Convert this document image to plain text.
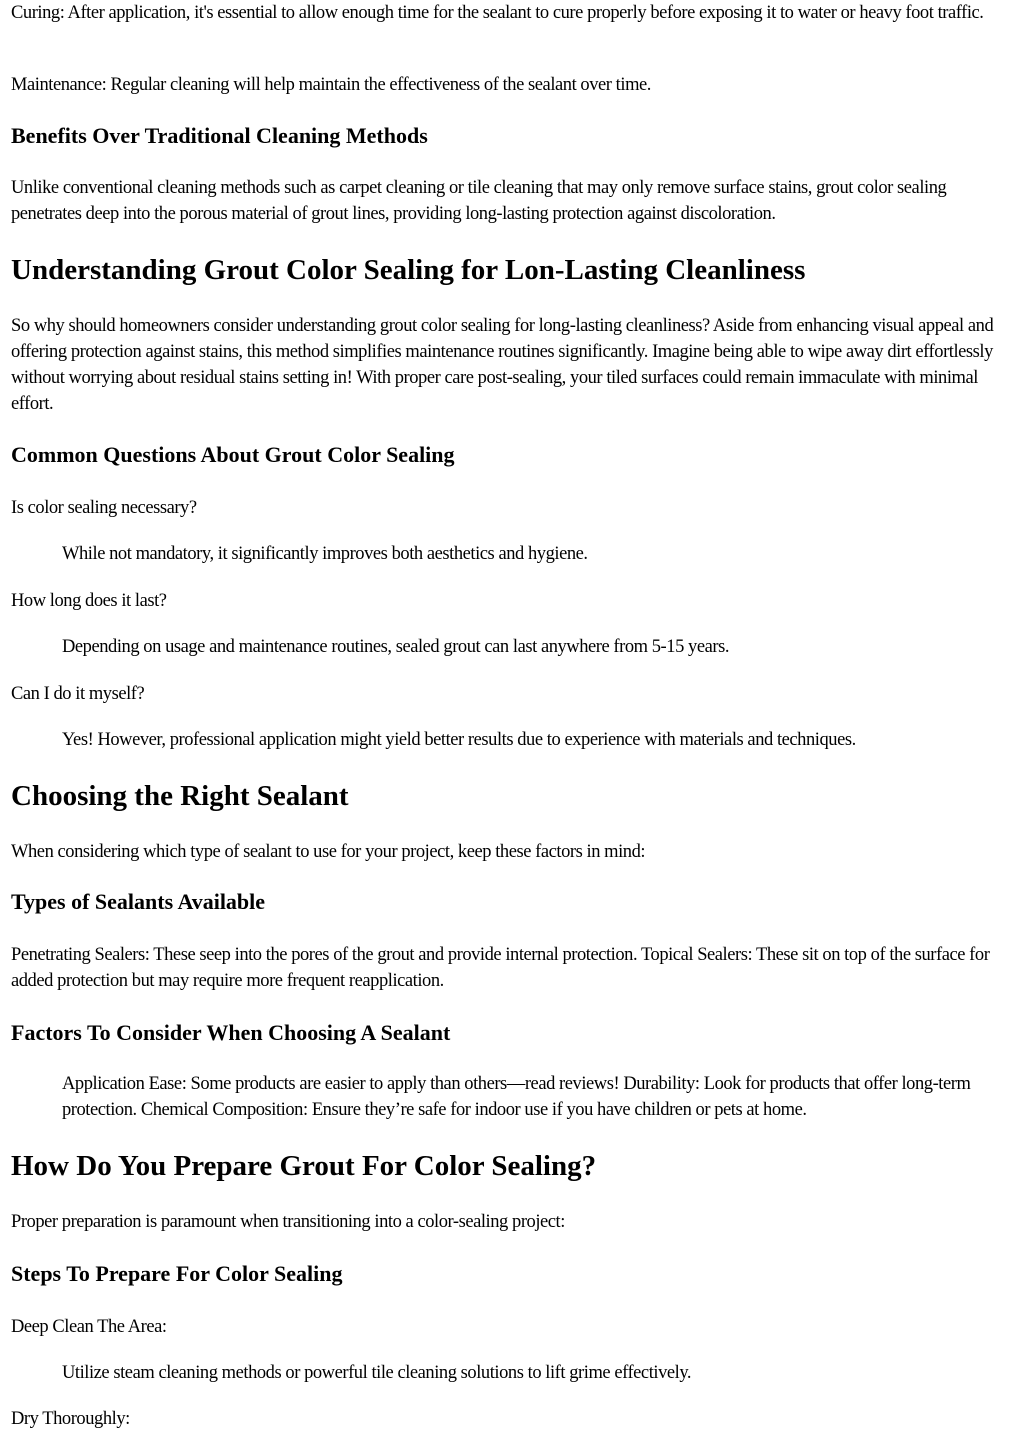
Curing: After application, it's essential to allow enough time for the sealant to cure properly before exposing it to water or heavy foot traffic.

Maintenance: Regular cleaning will help maintain the effectiveness of the sealant over time.

Benefits Over Traditional Cleaning Methods

Unlike conventional cleaning methods such as carpet cleaning or tile cleaning that may only remove surface stains, grout color sealing penetrates deep into the porous material of grout lines, providing long-lasting protection against discoloration.

Understanding Grout Color Sealing for Lon-Lasting Cleanliness

So why should homeowners consider understanding grout color sealing for long-lasting cleanliness? Aside from enhancing visual appeal and offering protection against stains, this method simplifies maintenance routines significantly. Imagine being able to wipe away dirt effortlessly without worrying about residual stains setting in! With proper care post-sealing, your tiled surfaces could remain immaculate with minimal effort.

Common Questions About Grout Color Sealing

Is color sealing necessary?

While not mandatory, it significantly improves both aesthetics and hygiene.

How long does it last?

Depending on usage and maintenance routines, sealed grout can last anywhere from 5-15 years.

Can I do it myself?

Yes! However, professional application might yield better results due to experience with materials and techniques.

Choosing the Right Sealant

When considering which type of sealant to use for your project, keep these factors in mind:

Types of Sealants Available

Penetrating Sealers: These seep into the pores of the grout and provide internal protection. Topical Sealers: These sit on top of the surface for added protection but may require more frequent reapplication.

Factors To Consider When Choosing A Sealant

Application Ease: Some products are easier to apply than others—read reviews! Durability: Look for products that offer long-term protection. Chemical Composition: Ensure they’re safe for indoor use if you have children or pets at home.

How Do You Prepare Grout For Color Sealing?

Proper preparation is paramount when transitioning into a color-sealing project:

Steps To Prepare For Color Sealing

Deep Clean The Area:

Utilize steam cleaning methods or powerful tile cleaning solutions to lift grime effectively.

Dry Thoroughly:
